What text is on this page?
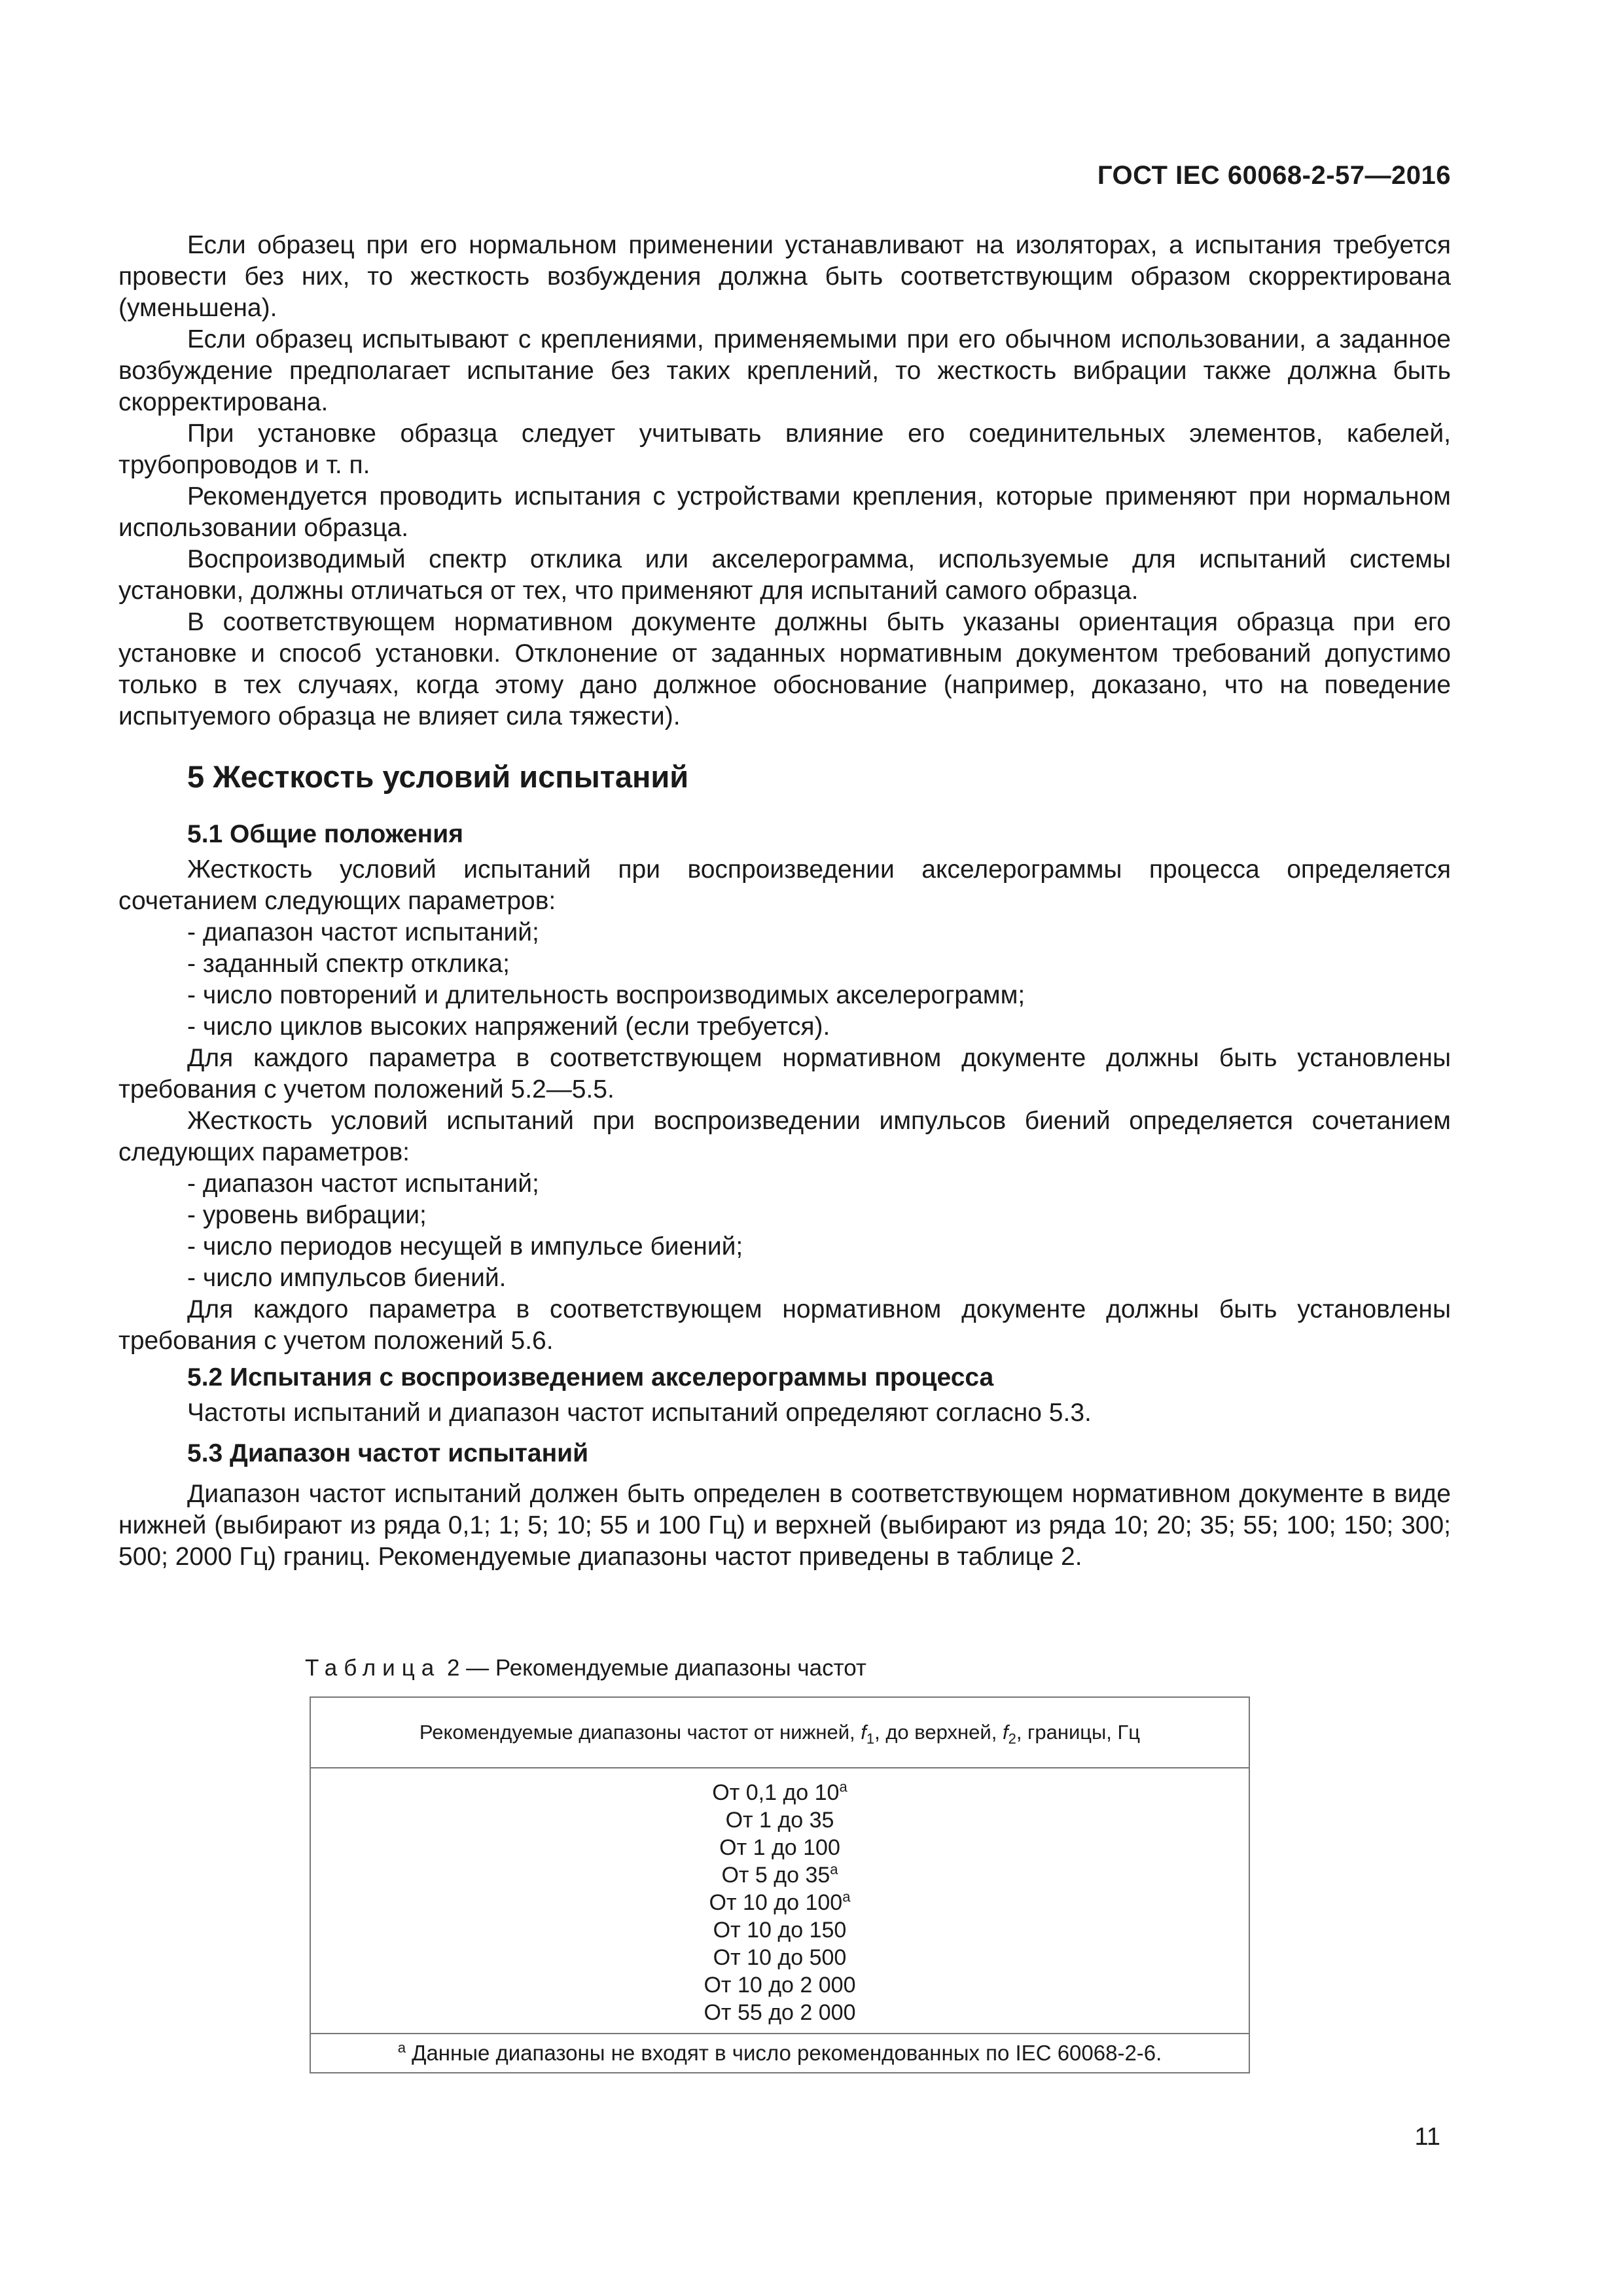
ГОСТ IEC 60068-2-57—2016

Если образец при его нормальном применении устанавливают на изоляторах, а испытания требуется провести без них, то жесткость возбуждения должна быть соответствующим образом скорректирована (уменьшена).

Если образец испытывают с креплениями, применяемыми при его обычном использовании, а заданное возбуждение предполагает испытание без таких креплений, то жесткость вибрации также должна быть скорректирована.

При установке образца следует учитывать влияние его соединительных элементов, кабелей, трубопроводов и т. п.

Рекомендуется проводить испытания с устройствами крепления, которые применяют при нормальном использовании образца.

Воспроизводимый спектр отклика или акселерограмма, используемые для испытаний системы установки, должны отличаться от тех, что применяют для испытаний самого образца.

В соответствующем нормативном документе должны быть указаны ориентация образца при его установке и способ установки. Отклонение от заданных нормативным документом требований допустимо только в тех случаях, когда этому дано должное обоснование (например, доказано, что на поведение испытуемого образца не влияет сила тяжести).

5 Жесткость условий испытаний
5.1 Общие положения

Жесткость условий испытаний при воспроизведении акселерограммы процесса определяется сочетанием следующих параметров:

- диапазон частот испытаний;
- заданный спектр отклика;
- число повторений и длительность воспроизводимых акселерограмм;
- число циклов высоких напряжений (если требуется).

Для каждого параметра в соответствующем нормативном документе должны быть установлены требования с учетом положений 5.2—5.5.

Жесткость условий испытаний при воспроизведении импульсов биений определяется сочетанием следующих параметров:

- диапазон частот испытаний;
- уровень вибрации;
- число периодов несущей в импульсе биений;
- число импульсов биений.

Для каждого параметра в соответствующем нормативном документе должны быть установлены требования с учетом положений 5.6.

5.2 Испытания с воспроизведением акселерограммы процесса

Частоты испытаний и диапазон частот испытаний определяют согласно 5.3.

5.3 Диапазон частот испытаний

Диапазон частот испытаний должен быть определен в соответствующем нормативном документе в виде нижней (выбирают из ряда 0,1; 1; 5; 10; 55 и 100 Гц) и верхней (выбирают из ряда 10; 20; 35; 55; 100; 150; 300; 500; 2000 Гц) границ. Рекомендуемые диапазоны частот приведены в таблице 2.

Таблица 2 — Рекомендуемые диапазоны частот
Рекомендуемые диапазоны частот от нижней, $f_1$, до верхней, $f_2$, границы, Гц

От 0,1 до 10$^a$
От 1 до 35
От 1 до 100
От 5 до 35$^a$
От 10 до 100$^a$
От 10 до 150
От 10 до 500
От 10 до 2 000
От 55 до 2 000

$^a$ Данные диапазоны не входят в число рекомендованных по IEC 60068-2-6.
11
